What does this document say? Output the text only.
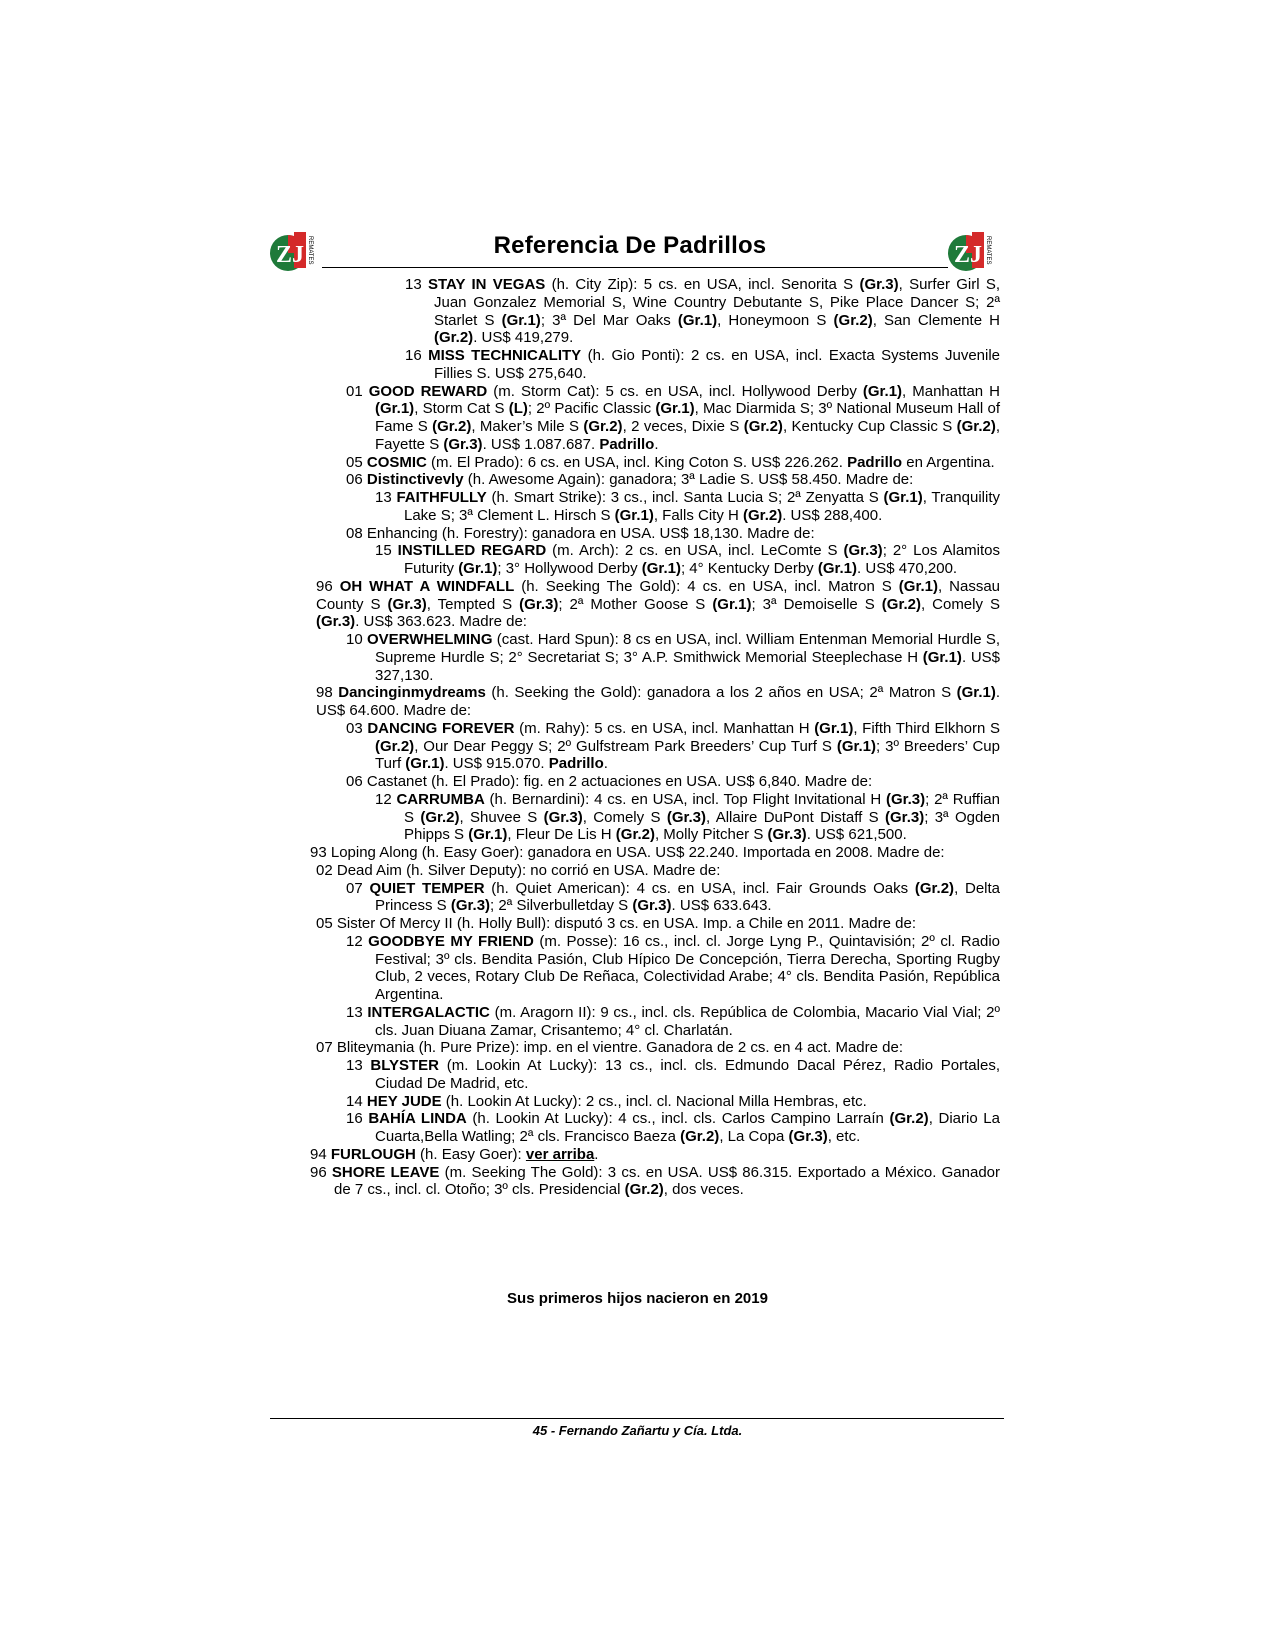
ZJ REMATES	ZJ REMATES
Referencia De Padrillos
13 STAY IN VEGAS (h. City Zip): 5 cs. en USA, incl. Senorita S (Gr.3), Surfer Girl S, Juan Gonzalez Memorial S, Wine Country Debutante S, Pike Place Dancer S; 2ª Starlet S (Gr.1); 3ª Del Mar Oaks (Gr.1), Honeymoon S (Gr.2), San Clemente H (Gr.2). US$ 419,279.
16 MISS TECHNICALITY (h. Gio Ponti): 2 cs. en USA, incl. Exacta Systems Juvenile Fillies S. US$ 275,640.
01 GOOD REWARD (m. Storm Cat): 5 cs. en USA, incl. Hollywood Derby (Gr.1), Manhattan H (Gr.1), Storm Cat S (L); 2º Pacific Classic (Gr.1), Mac Diarmida S; 3º National Museum Hall of Fame S (Gr.2), Maker’s Mile S (Gr.2), 2 veces, Dixie S (Gr.2), Kentucky Cup Classic S (Gr.2), Fayette S (Gr.3). US$ 1.087.687. Padrillo.
05 COSMIC (m. El Prado): 6 cs. en USA, incl. King Coton S. US$ 226.262. Padrillo en Argentina.
06 Distinctivevly (h. Awesome Again): ganadora; 3ª Ladie S. US$ 58.450. Madre de:
13 FAITHFULLY (h. Smart Strike): 3 cs., incl. Santa Lucia S; 2ª Zenyatta S (Gr.1), Tranquility Lake S; 3ª Clement L. Hirsch S (Gr.1), Falls City H (Gr.2). US$ 288,400.
08 Enhancing (h. Forestry): ganadora en USA. US$ 18,130. Madre de:
15 INSTILLED REGARD (m. Arch): 2 cs. en USA, incl. LeComte S (Gr.3); 2° Los Alamitos Futurity (Gr.1); 3° Hollywood Derby (Gr.1); 4° Kentucky Derby (Gr.1). US$ 470,200.
96 OH WHAT A WINDFALL (h. Seeking The Gold): 4 cs. en USA, incl. Matron S (Gr.1), Nassau County S (Gr.3), Tempted S (Gr.3); 2ª Mother Goose S (Gr.1); 3ª Demoiselle S (Gr.2), Comely S (Gr.3). US$ 363.623. Madre de:
10 OVERWHELMING (cast. Hard Spun): 8 cs en USA, incl. William Entenman Memorial Hurdle S, Supreme Hurdle S; 2° Secretariat S; 3° A.P. Smithwick Memorial Steeplechase H (Gr.1). US$ 327,130.
98 Dancinginmydreams (h. Seeking the Gold): ganadora a los 2 años en USA; 2ª Matron S (Gr.1). US$ 64.600. Madre de:
03 DANCING FOREVER (m. Rahy): 5 cs. en USA, incl. Manhattan H (Gr.1), Fifth Third Elkhorn S (Gr.2), Our Dear Peggy S; 2º Gulfstream Park Breeders’ Cup Turf S (Gr.1); 3º Breeders’ Cup Turf (Gr.1). US$ 915.070. Padrillo.
06 Castanet (h. El Prado): fig. en 2 actuaciones en USA. US$ 6,840. Madre de:
12 CARRUMBA (h. Bernardini): 4 cs. en USA, incl. Top Flight Invitational H (Gr.3); 2ª Ruffian S (Gr.2), Shuvee S (Gr.3), Comely S (Gr.3), Allaire DuPont Distaff S (Gr.3); 3ª Ogden Phipps S (Gr.1), Fleur De Lis H (Gr.2), Molly Pitcher S (Gr.3). US$ 621,500.
93 Loping Along (h. Easy Goer): ganadora en USA. US$ 22.240. Importada en 2008. Madre de:
02 Dead Aim (h. Silver Deputy): no corrió en USA. Madre de:
07 QUIET TEMPER (h. Quiet American): 4 cs. en USA, incl. Fair Grounds Oaks (Gr.2), Delta Princess S (Gr.3); 2ª Silverbulletday S (Gr.3). US$ 633.643.
05 Sister Of Mercy II (h. Holly Bull): disputó 3 cs. en USA. Imp. a Chile en 2011. Madre de:
12 GOODBYE MY FRIEND (m. Posse): 16 cs., incl. cl. Jorge Lyng P., Quintavisión; 2º cl. Radio Festival; 3º cls. Bendita Pasión, Club Hípico De Concepción, Tierra Derecha, Sporting Rugby Club, 2 veces, Rotary Club De Reñaca, Colectividad Arabe; 4° cls. Bendita Pasión, República Argentina.
13 INTERGALACTIC (m. Aragorn II): 9 cs., incl. cls. República de Colombia, Macario Vial Vial; 2º cls. Juan Diuana Zamar, Crisantemo; 4° cl. Charlatán.
07 Bliteymania (h. Pure Prize): imp. en el vientre. Ganadora de 2 cs. en 4 act. Madre de:
13 BLYSTER (m. Lookin At Lucky): 13 cs., incl. cls. Edmundo Dacal Pérez, Radio Portales, Ciudad De Madrid, etc.
14 HEY JUDE (h. Lookin At Lucky): 2 cs., incl. cl. Nacional Milla Hembras, etc.
16 BAHÍA LINDA (h. Lookin At Lucky): 4 cs., incl. cls. Carlos Campino Larraín (Gr.2), Diario La Cuarta,Bella Watling; 2ª cls. Francisco Baeza (Gr.2), La Copa (Gr.3), etc.
94 FURLOUGH (h. Easy Goer): ver arriba.
96 SHORE LEAVE (m. Seeking The Gold): 3 cs. en USA. US$ 86.315. Exportado a México. Ganador de 7 cs., incl. cl. Otoño; 3º cls. Presidencial (Gr.2), dos veces.
Sus primeros hijos nacieron en 2019
45 - Fernando Zañartu y Cía. Ltda.
